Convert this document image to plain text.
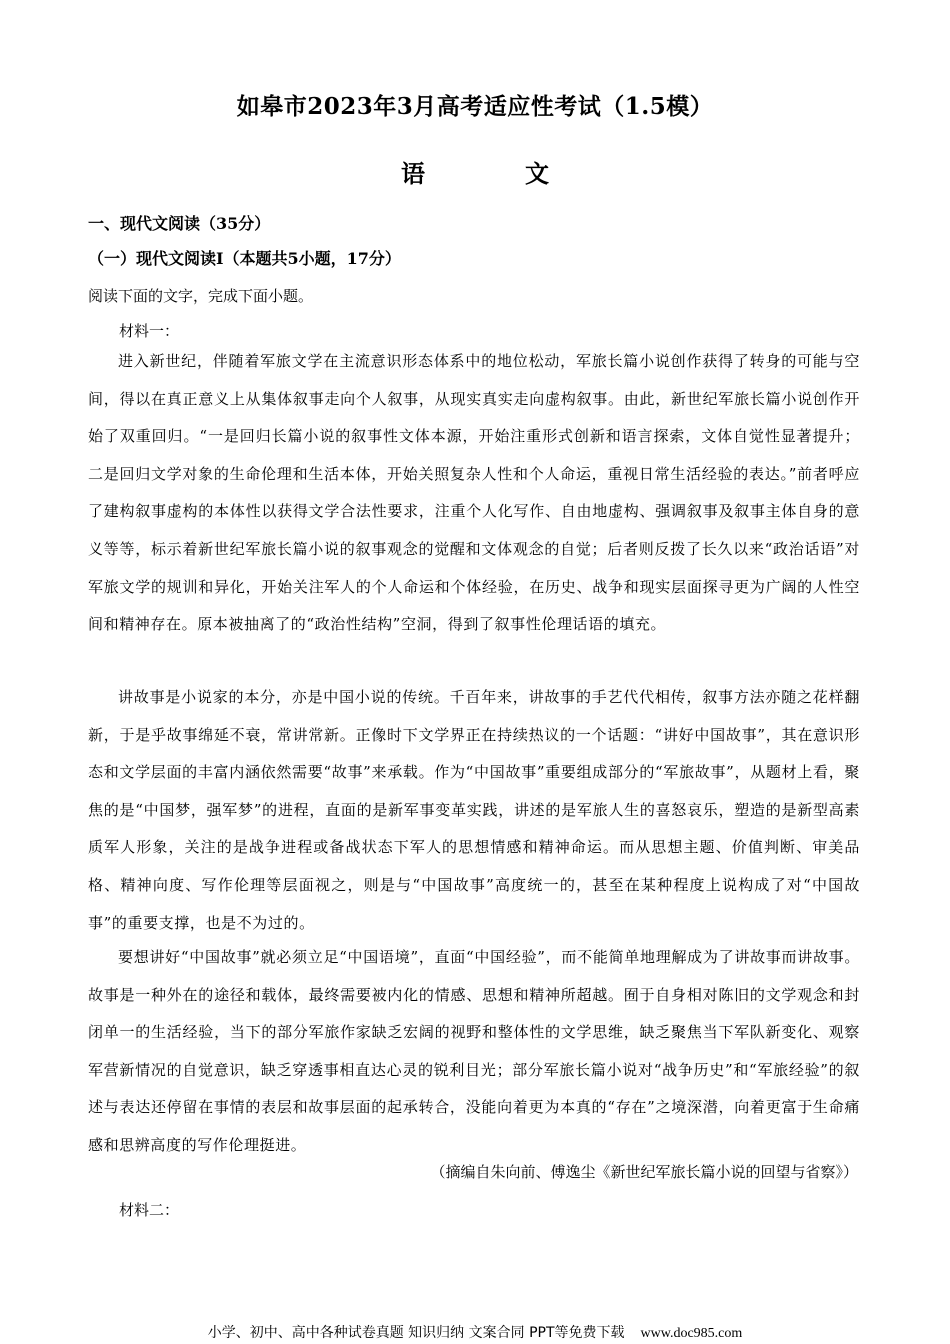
如皋市2023年3月高考适应性考试（1.5模）
语	文
一、现代文阅读（35分）
（一）现代文阅读Ⅰ（本题共5小题，17分）
阅读下面的文字，完成下面小题。
材料一：
进入新世纪，伴随着军旅文学在主流意识形态体系中的地位松动，军旅长篇小说创作获得了转身的可能与空间，得以在真正意义上从集体叙事走向个人叙事，从现实真实走向虚构叙事。由此，新世纪军旅长篇小说创作开始了双重回归。“一是回归长篇小说的叙事性文体本源，开始注重形式创新和语言探索，文体自觉性显著提升；二是回归文学对象的生命伦理和生活本体，开始关照复杂人性和个人命运，重视日常生活经验的表达。”前者呼应了建构叙事虚构的本体性以获得文学合法性要求，注重个人化写作、自由地虚构、强调叙事及叙事主体自身的意义等等，标示着新世纪军旅长篇小说的叙事观念的觉醒和文体观念的自觉；后者则反拨了长久以来“政治话语”对军旅文学的规训和异化，开始关注军人的个人命运和个体经验，在历史、战争和现实层面探寻更为广阔的人性空间和精神存在。原本被抽离了的“政治性结构”空洞，得到了叙事性伦理话语的填充。
讲故事是小说家的本分，亦是中国小说的传统。千百年来，讲故事的手艺代代相传，叙事方法亦随之花样翻新，于是乎故事绵延不衰，常讲常新。正像时下文学界正在持续热议的一个话题：“讲好中国故事”，其在意识形态和文学层面的丰富内涵依然需要“故事”来承载。作为“中国故事”重要组成部分的“军旅故事”，从题材上看，聚焦的是“中国梦，强军梦”的进程，直面的是新军事变革实践，讲述的是军旅人生的喜怒哀乐，塑造的是新型高素质军人形象，关注的是战争进程或备战状态下军人的思想情感和精神命运。而从思想主题、价值判断、审美品格、精神向度、写作伦理等层面视之，则是与“中国故事”高度统一的，甚至在某种程度上说构成了对“中国故事”的重要支撑，也是不为过的。
要想讲好“中国故事”就必须立足“中国语境”，直面“中国经验”，而不能简单地理解成为了讲故事而讲故事。故事是一种外在的途径和载体，最终需要被内化的情感、思想和精神所超越。囿于自身相对陈旧的文学观念和封闭单一的生活经验，当下的部分军旅作家缺乏宏阔的视野和整体性的文学思维，缺乏聚焦当下军队新变化、观察军营新情况的自觉意识，缺乏穿透事相直达心灵的锐利目光；部分军旅长篇小说对“战争历史”和“军旅经验”的叙述与表达还停留在事情的表层和故事层面的起承转合，没能向着更为本真的“存在”之境深潜，向着更富于生命痛感和思辨高度的写作伦理挺进。
（摘编自朱向前、傅逸尘《新世纪军旅长篇小说的回望与省察》）
材料二：
小学、初中、高中各种试卷真题 知识归纳 文案合同 PPT等免费下载 www.doc985.com
